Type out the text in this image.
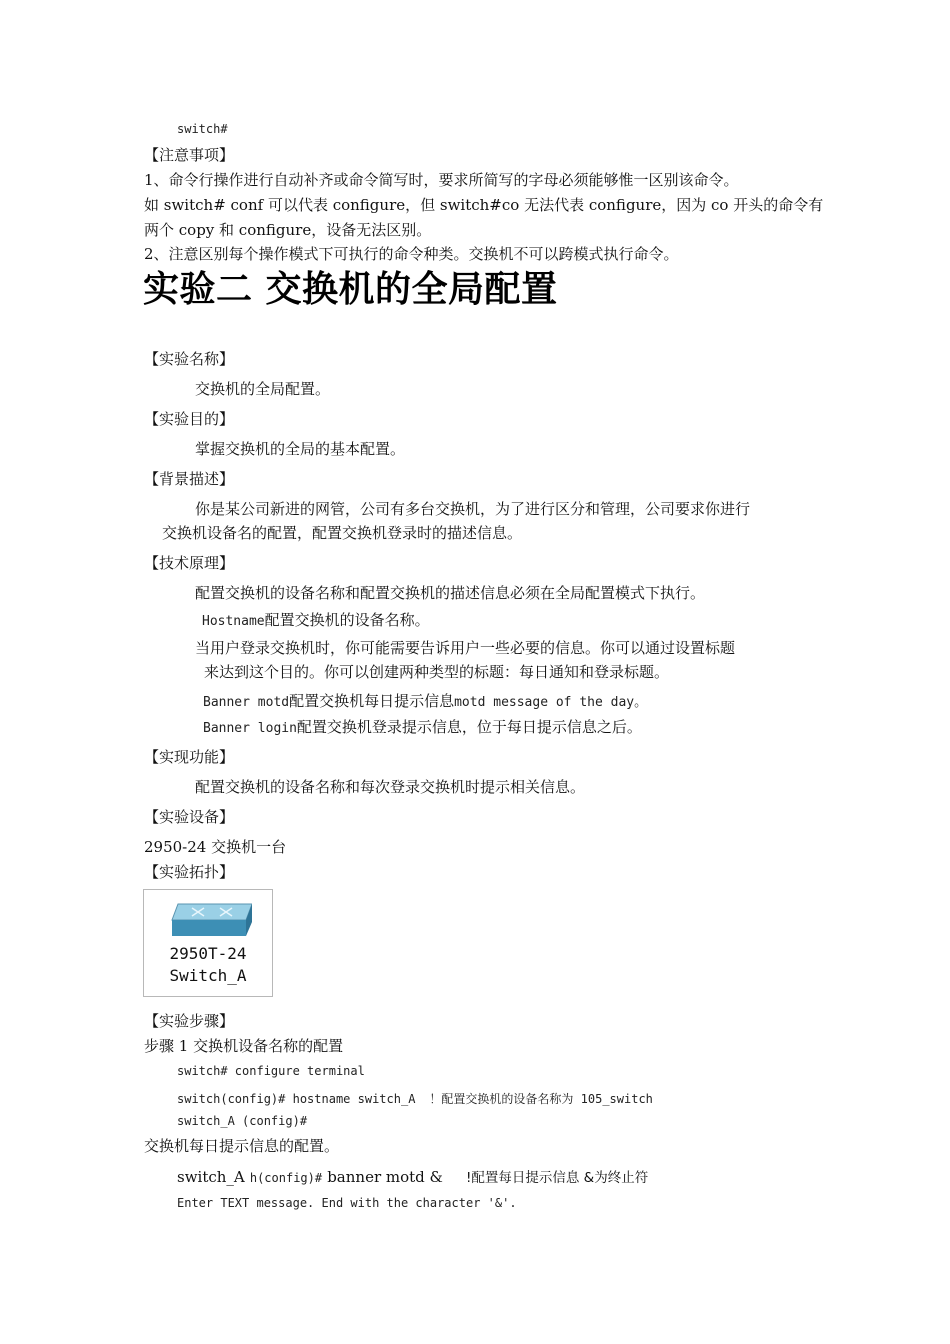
switch#
【注意事项】
1、命令行操作进行自动补齐或命令简写时，要求所简写的字母必须能够惟一区别该命令。
如 switch# conf 可以代表 configure，但 switch#co 无法代表 configure，因为 co 开头的命令有
两个 copy 和 configure，设备无法区别。
2、注意区别每个操作模式下可执行的命令种类。交换机不可以跨模式执行命令。
实验二 交换机的全局配置
【实验名称】
交换机的全局配置。
【实验目的】
掌握交换机的全局的基本配置。
【背景描述】
你是某公司新进的网管，公司有多台交换机，为了进行区分和管理，公司要求你进行
交换机设备名的配置，配置交换机登录时的描述信息。
【技术原理】
配置交换机的设备名称和配置交换机的描述信息必须在全局配置模式下执行。
Hostname配置交换机的设备名称。
当用户登录交换机时，你可能需要告诉用户一些必要的信息。你可以通过设置标题
来达到这个目的。你可以创建两种类型的标题：每日通知和登录标题。
Banner motd配置交换机每日提示信息motd message of the day。
Banner login配置交换机登录提示信息，位于每日提示信息之后。
【实现功能】
配置交换机的设备名称和每次登录交换机时提示相关信息。
【实验设备】
2950-24 交换机一台
【实验拓扑】
2950T-24
Switch_A
【实验步骤】
步骤 1 交换机设备名称的配置
switch# configure terminal
switch(config)# hostname switch_A ！配置交换机的设备名称为 105_switch
switch_A (config)#
交换机每日提示信息的配置。
switch_A h(config)# banner motd & !配置每日提示信息 &为终止符
Enter TEXT message. End with the character '&'.
